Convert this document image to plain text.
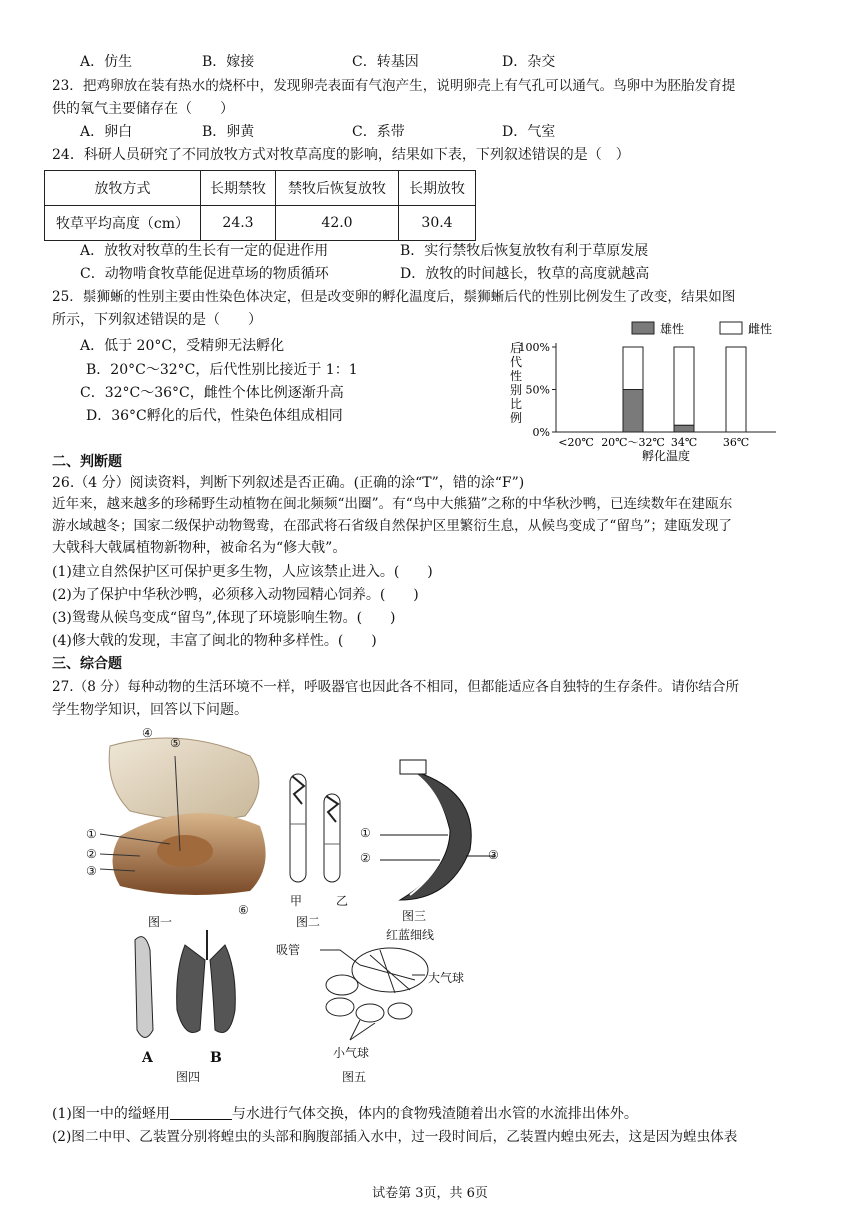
A．仿生	B．嫁接	C．转基因	D．杂交
23．把鸡卵放在装有热水的烧杯中，发现卵壳表面有气泡产生，说明卵壳上有气孔可以通气。鸟卵中为胚胎发育提
供的氧气主要储存在（　　）
A．卵白	B．卵黄	C．系带	D．气室
24．科研人员研究了不同放牧方式对牧草高度的影响，结果如下表，下列叙述错误的是（　）
放牧方式	长期禁牧	禁牧后恢复放牧	长期放牧
牧草平均高度（cm）	24.3	42.0	30.4
A．放牧对牧草的生长有一定的促进作用	B．实行禁牧后恢复放牧有利于草原发展
C．动物啃食牧草能促进草场的物质循环	D．放牧的时间越长，牧草的高度就越高
25．鬃狮蜥的性别主要由性染色体决定，但是改变卵的孵化温度后，鬃狮蜥后代的性别比例发生了改变，结果如图
所示，下列叙述错误的是（　　）
A．低于 20°C，受精卵无法孵化
B．20°C～32°C，后代性别比接近于 1：1
C．32°C～36°C，雌性个体比例逐渐升高
D．36°C孵化的后代，性染色体组成相同
0%
50%
100%
后
代
性
别
比
例
<20℃ 20℃～32℃ 34℃ 36℃
孵化温度
雄性	雌性
二、判断题
26.（4 分）阅读资料，判断下列叙述是否正确。(正确的涂“T”，错的涂“F”)
近年来，越来越多的珍稀野生动植物在闽北频频“出圈”。有“鸟中大熊猫”之称的中华秋沙鸭，已连续数年在建瓯东
游水域越冬；国家二级保护动物鸳鸯，在邵武将石省级自然保护区里繁衍生息，从候鸟变成了“留鸟”；建瓯发现了
大戟科大戟属植物新物种，被命名为“修大戟”。
(1)建立自然保护区可保护更多生物，人应该禁止进入。(　　)
(2)为了保护中华秋沙鸭，必须移入动物园精心饲养。(　　)
(3)鸳鸯从候鸟变成“留鸟”,体现了环境影响生物。(　　)
(4)修大戟的发现，丰富了闽北的物种多样性。(　　)
三、综合题
27.（8 分）每种动物的生活环境不一样，呼吸器官也因此各不相同，但都能适应各自独特的生存条件。请你结合所
学生物学知识，回答以下问题。
④
⑤
①
②
③
⑥
图一
甲	乙
图二
①
②	③
图三
红蓝细线
A	B
图四
吸管
大气球
小气球
图五
(1)图一中的缢蛏用	与水进行气体交换，体内的食物残渣随着出水管的水流排出体外。
(2)图二中甲、乙装置分别将蝗虫的头部和胸腹部插入水中，过一段时间后，乙装置内蝗虫死去，这是因为蝗虫体表
试卷第 3页，共 6页
